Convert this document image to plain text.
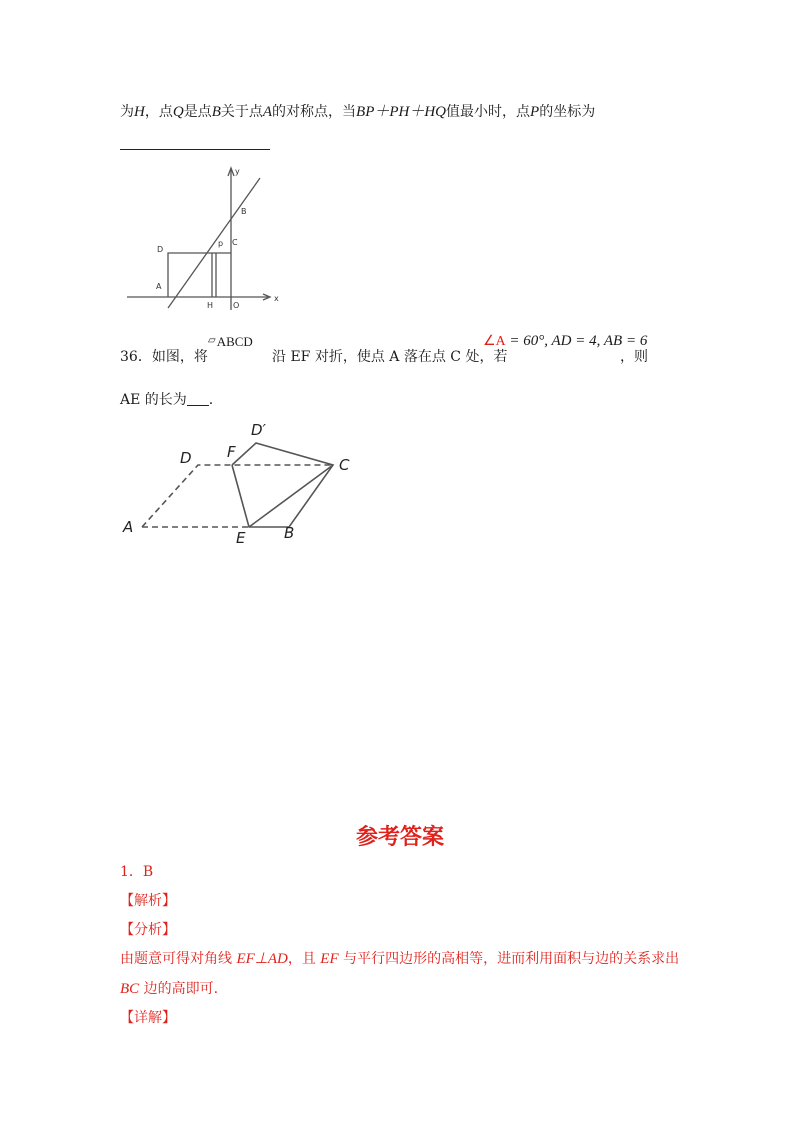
为H，点Q是点B关于点A的对称点，当BP＋PH＋HQ值最小时，点P的坐标为
x
y
B
C
D
p
A
H O
36．如图，将
▱ABCD
沿 EF 对折，使点 A 落在点 C 处，若
∠A = 60°, AD = 4, AB = 6
，则
AE 的长为 .
D′
F
D	C
A
E	B
参考答案
1．B
【解析】
【分析】
由题意可得对角线 EF⊥AD，且 EF 与平行四边形的高相等，进而利用面积与边的关系求出
BC 边的高即可.
【详解】
